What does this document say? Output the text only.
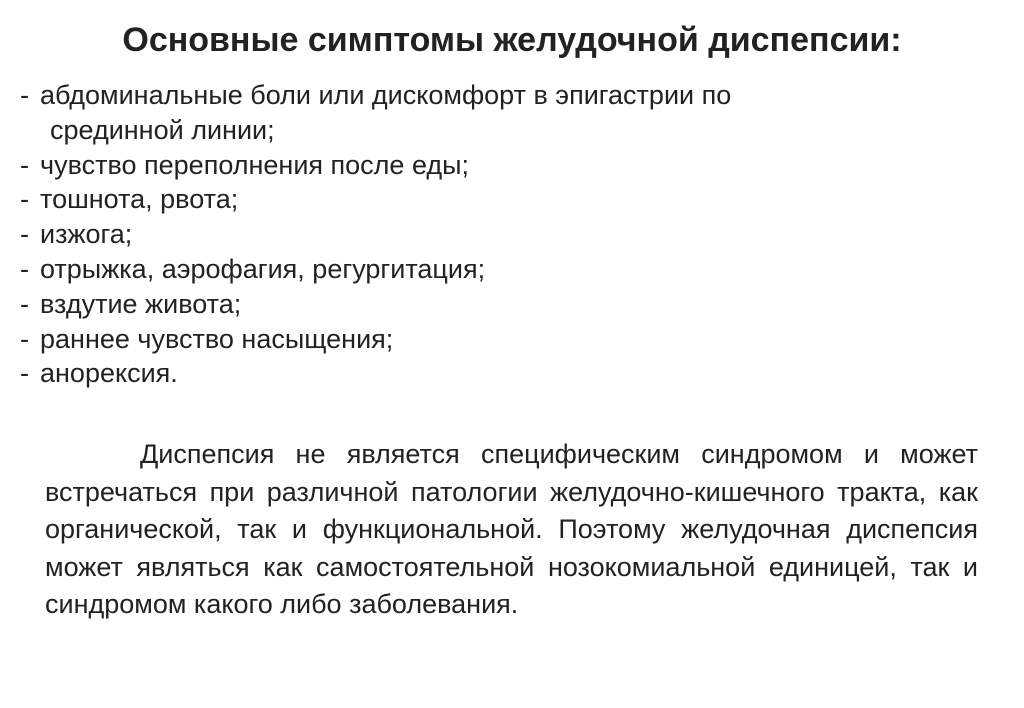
Основные симптомы желудочной диспепсии:
- абдоминальные боли или дискомфорт в эпигастрии по
срединной линии;
- чувство переполнения после еды;
- тошнота, рвота;
- изжога;
- отрыжка, аэрофагия, регургитация;
- вздутие живота;
- раннее чувство насыщения;
- анорексия.

Диспепсия не является специфическим синдромом и может встречаться при различной патологии желудочно-кишечного тракта, как органической, так и функциональной. Поэтому желудочная диспепсия может являться как самостоятельной нозокомиальной единицей, так и синдромом какого либо заболевания.
